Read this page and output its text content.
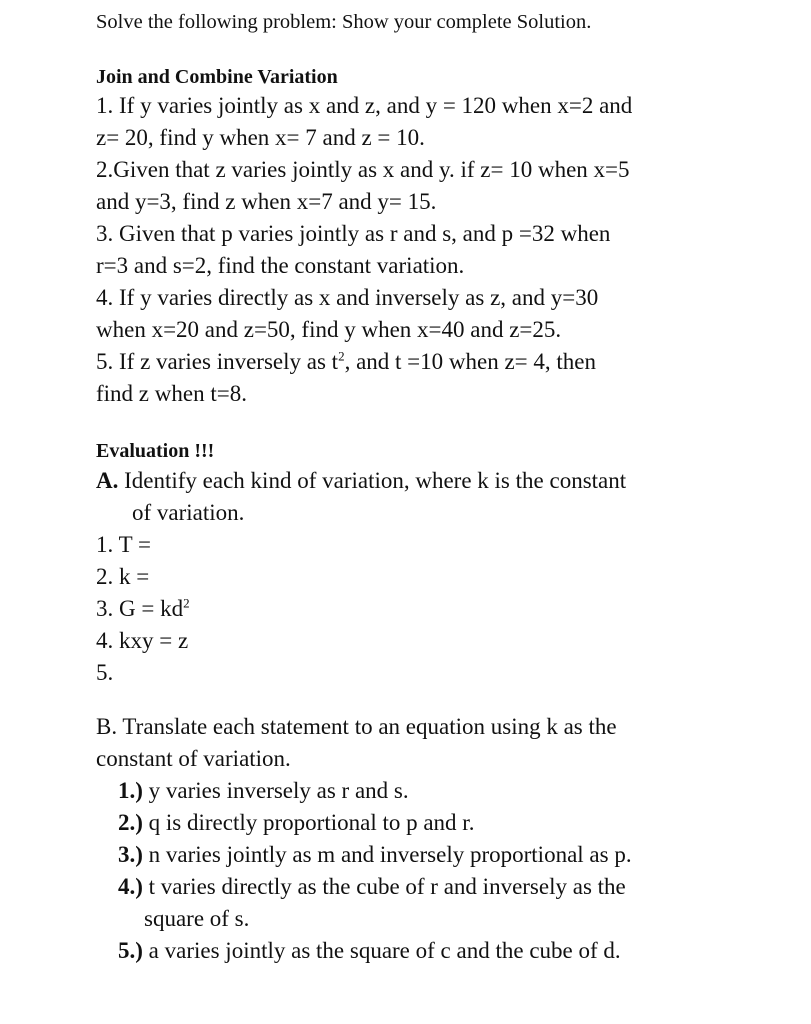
Solve the following problem: Show your complete Solution.
Join and Combine Variation
1. If y varies jointly as x and z, and y = 120 when x=2 and
z= 20, find y when x= 7 and z = 10.
2.Given that z varies jointly as x and y. if z= 10 when x=5
and y=3, find z when x=7 and y= 15.
3. Given that p varies jointly as r and s, and p =32 when
r=3 and s=2, find the constant variation.
4. If y varies directly as x and inversely as z, and y=30
when x=20 and z=50, find y when x=40 and z=25.
5. If z varies inversely as $t^2$, and t =10 when z= 4, then
find z when t=8.
Evaluation !!!
A. Identify each kind of variation, where k is the constant
of variation.
1. T =
2. k =
3. $G = kd^2$
4. kxy = z
5.
B. Translate each statement to an equation using k as the
constant of variation.
1.) y varies inversely as r and s.
2.) q is directly proportional to p and r.
3.) n varies jointly as m and inversely proportional as p.
4.) t varies directly as the cube of r and inversely as the
square of s.
5.) a varies jointly as the square of c and the cube of d.
